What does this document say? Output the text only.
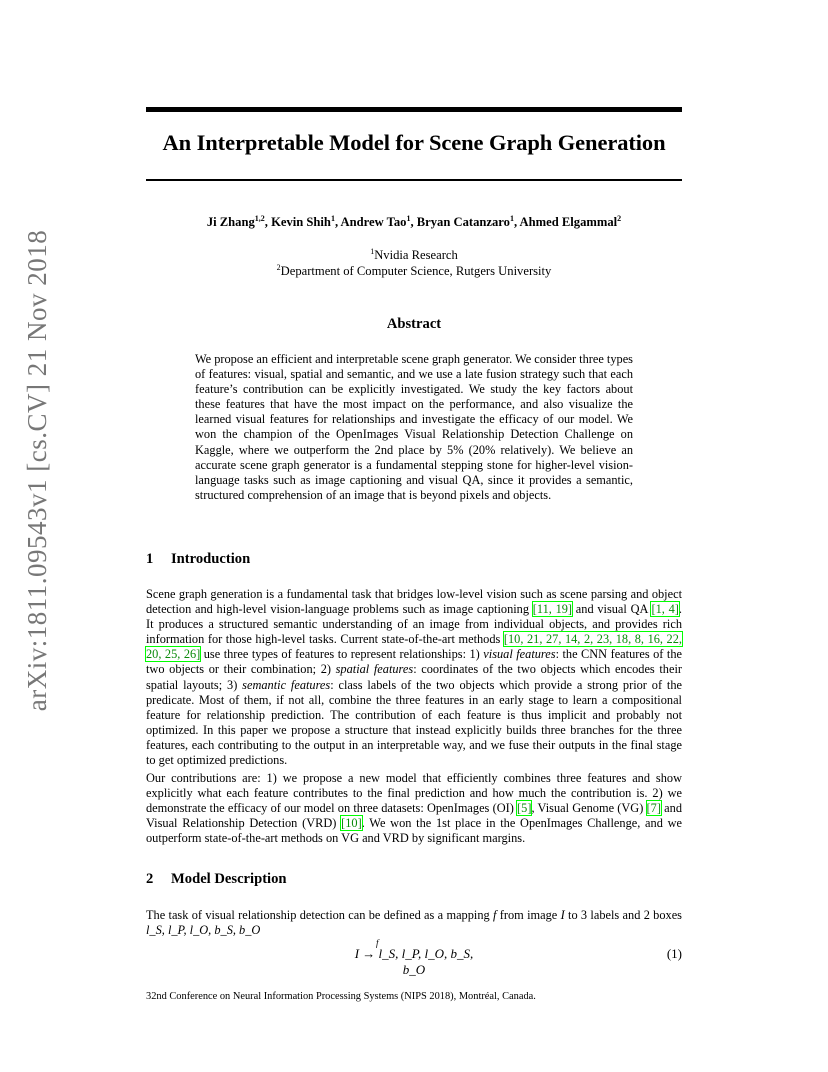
arXiv:1811.09543v1 [cs.CV] 21 Nov 2018
An Interpretable Model for Scene Graph Generation
Ji Zhang$^{1,2}$, Kevin Shih$^1$, Andrew Tao$^1$, Bryan Catanzaro$^1$, Ahmed Elgammal$^2$
$^1$Nvidia Research
$^2$Department of Computer Science, Rutgers University
Abstract
We propose an efficient and interpretable scene graph generator. We consider three types of features: visual, spatial and semantic, and we use a late fusion strategy such that each feature’s contribution can be explicitly investigated. We study the key factors about these features that have the most impact on the performance, and also visualize the learned visual features for relationships and investigate the efficacy of our model. We won the champion of the OpenImages Visual Relationship Detection Challenge on Kaggle, where we outperform the 2nd place by 5% (20% relatively). We believe an accurate scene graph generator is a fundamental stepping stone for higher-level vision-language tasks such as image captioning and visual QA, since it provides a semantic, structured comprehension of an image that is beyond pixels and objects.
1 Introduction
Scene graph generation is a fundamental task that bridges low-level vision such as scene parsing and object detection and high-level vision-language problems such as image captioning [11, 19] and visual QA [1, 4]. It produces a structured semantic understanding of an image from individual objects, and provides rich information for those high-level tasks. Current state-of-the-art methods [10, 21, 27, 14, 2, 23, 18, 8, 16, 22, 20, 25, 26] use three types of features to represent relationships: 1) visual features: the CNN features of the two objects or their combination; 2) spatial features: coordinates of the two objects which encodes their spatial layouts; 3) semantic features: class labels of the two objects which provide a strong prior of the predicate. Most of them, if not all, combine the three features in an early stage to learn a compositional feature for relationship prediction. The contribution of each feature is thus implicit and probably not optimized. In this paper we propose a structure that instead explicitly builds three branches for the three features, each contributing to the output in an interpretable way, and we fuse their outputs in the final stage to get optimized predictions.
Our contributions are: 1) we propose a new model that efficiently combines three features and show explicitly what each feature contributes to the final prediction and how much the contribution is. 2) we demonstrate the efficacy of our model on three datasets: OpenImages (OI) [5], Visual Genome (VG) [7] and Visual Relationship Detection (VRD) [10]. We won the 1st place in the OpenImages Challenge, and we outperform state-of-the-art methods on VG and VRD by significant margins.
2 Model Description
The task of visual relationship detection can be defined as a mapping f from image I to 3 labels and 2 boxes l_S, l_P, l_O, b_S, b_O
I
f
→ l_S, l_P, l_O, b_S, b_O
(1)
32nd Conference on Neural Information Processing Systems (NIPS 2018), Montréal, Canada.
